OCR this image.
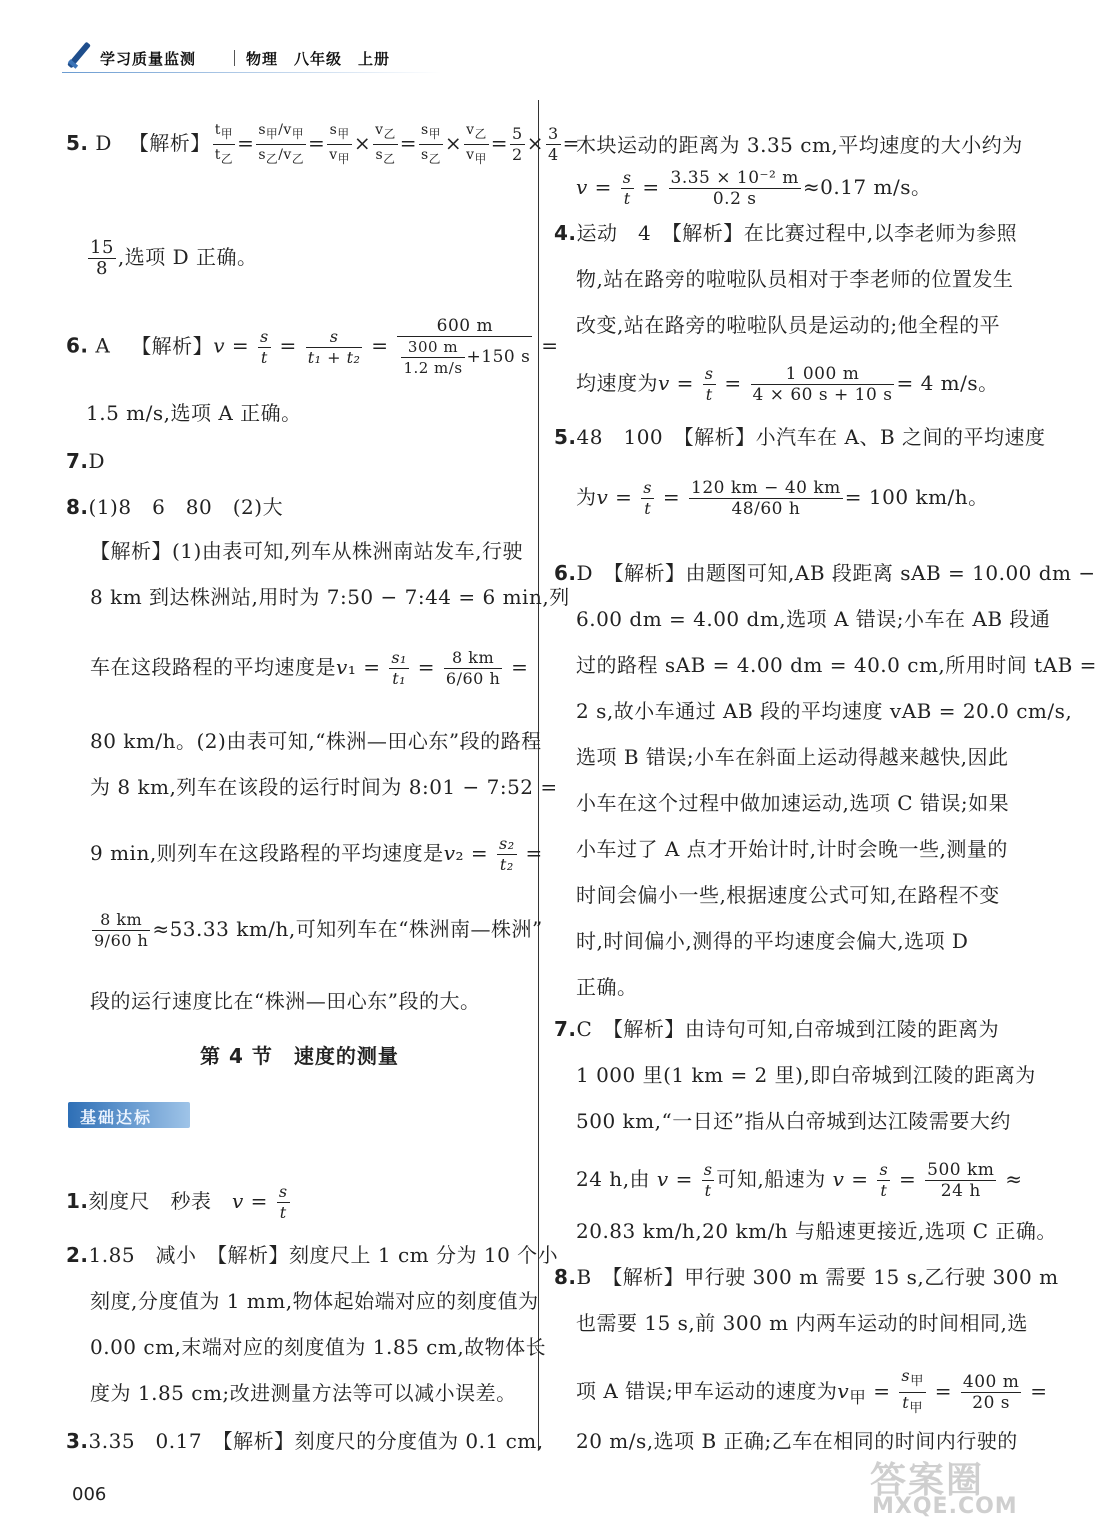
学习质量监测	物理　八年级　上册
5. D 【解析】 $\frac{t_甲}{t_乙} = \frac{s_甲/v_甲}{s_乙/v_乙} = \frac{s_甲}{v_甲} \times \frac{v_乙}{s_乙} = \frac{s_甲}{s_乙} \times \frac{v_乙}{v_甲} = \frac{5}{2} \times \frac{3}{4}$ =
$\frac{15}{8}$ ,选项 D 正确。
6. A 【解析】$v = \frac{s}{t} = \frac{s}{\text{t₁ + t₂}} = \frac{600 m}{\frac{300 m}{1.2 m/s} +150 s}$ =
1.5 m/s,选项 A 正确。
7.D
8.(1)8　6　80　(2)大
【解析】(1)由表可知,列车从株洲南站发车,行驶
8 km 到达株洲站,用时为 7:50 − 7:44 = 6 min,列
车在这段路程的平均速度是$v_1 = \frac{\text{s₁}}{\text{t₁}} = \frac{8 km}{6/60 h}$ =
80 km/h。(2)由表可知,“株洲—田心东”段的路程
为 8 km,列车在该段的运行时间为 8:01 − 7:52 =
9 min,则列车在这段路程的平均速度是$v_2 = \frac{\text{s₂}}{\text{t₂}}$ =
$\frac{8 km}{9/60 h} \approx 53.33$ km/h,可知列车在“株洲南—株洲”
段的运行速度比在“株洲—田心东”段的大。
第 4 节　速度的测量
基础达标
1.刻度尺　秒表　 $v = \frac{s}{t}$
2.1.85　减小　【解析】刻度尺上 1 cm 分为 10 个小
刻度,分度值为 1 mm,物体起始端对应的刻度值为
0.00 cm,末端对应的刻度值为 1.85 cm,故物体长
度为 1.85 cm;改进测量方法等可以减小误差。
3.3.35　0.17　【解析】刻度尺的分度值为 0.1 cm,
木块运动的距离为 3.35 cm,平均速度的大小约为
$v = \frac{s}{t} = \frac{\text{3.35 × 10⁻² m}}{0.2 s} \approx 0.17$ m/s。
4.运动　4　【解析】在比赛过程中,以李老师为参照
物,站在路旁的啦啦队员相对于李老师的位置发生
改变,站在路旁的啦啦队员是运动的;他全程的平
均速度为$v = \frac{s}{t} = \frac{1 000 m}{4 \times 60 s + 10 s} = 4$ m/s。
5.48　100　【解析】小汽车在 A、B 之间的平均速度
为$v = \frac{s}{t} = \frac{120 km - 40 km}{48/60 h} = 100$ km/h。
6.D　【解析】由题图可知,AB 段距离 sAB = 10.00 dm −
6.00 dm = 4.00 dm,选项 A 错误;小车在 AB 段通
过的路程 sAB = 4.00 dm = 40.0 cm,所用时间 tAB =
2 s,故小车通过 AB 段的平均速度 vAB = 20.0 cm/s,
选项 B 错误;小车在斜面上运动得越来越快,因此
小车在这个过程中做加速运动,选项 C 错误;如果
小车过了 A 点才开始计时,计时会晚一些,测量的
时间会偏小一些,根据速度公式可知,在路程不变
时,时间偏小,测得的平均速度会偏大,选项 D
正确。
7.C　【解析】由诗句可知,白帝城到江陵的距离为
1 000 里(1 km = 2 里),即白帝城到江陵的距离为
500 km,“一日还”指从白帝城到达江陵需要大约
24 h,由 $v = \frac{s}{t}$ 可知,船速为 $v = \frac{s}{t} = \frac{500 km}{24 h}$ ≈
20.83 km/h,20 km/h 与船速更接近,选项 C 正确。
8.B　【解析】甲行驶 300 m 需要 15 s,乙行驶 300 m
也需要 15 s,前 300 m 内两车运动的时间相同,选
项 A 错误;甲车运动的速度为$v_甲 = \frac{s_甲}{t_甲} = \frac{400 m}{20 s}$ =
20 m/s,选项 B 正确;乙车在相同的时间内行驶的
006	答案圈
MXQE.COM
